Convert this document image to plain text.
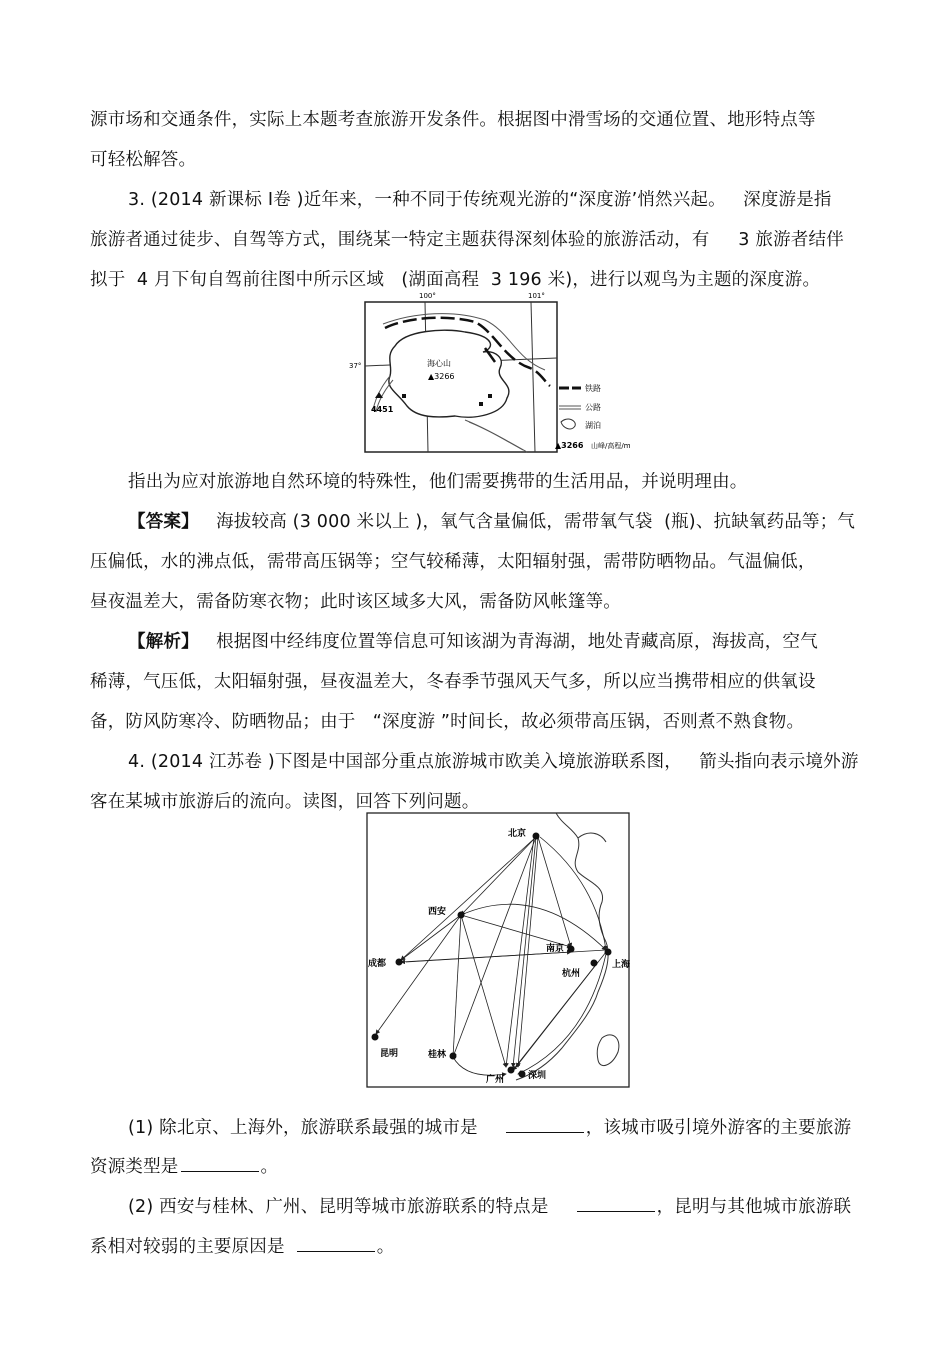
源市场和交通条件，实际上本题考查旅游开发条件。根据图中滑雪场的交通位置、地形特点等
可轻松解答。
3. (2014 新课标 Ⅰ卷 )近年来，一种不同于传统观光游的“深度游’悄然兴起。   深度游是指
旅游者通过徒步、自驾等方式，围绕某一特定主题获得深刻体验的旅游活动，有     3 旅游者结伴
拟于  4 月下旬自驾前往图中所示区域   (湖面高程  3 196 米)，进行以观鸟为主题的深度游。
100°	101°
37°	海心山
▲3266
4451
铁路
公路
湖泊
▲3266 山峰/高程/m
指出为应对旅游地自然环境的特殊性，他们需要携带的生活用品，并说明理由。
【答案】   海拔较高 (3 000 米以上 )，氧气含量偏低，需带氧气袋  (瓶)、抗缺氧药品等；气
压偏低，水的沸点低，需带高压锅等；空气较稀薄，太阳辐射强，需带防晒物品。气温偏低，
昼夜温差大，需备防寒衣物；此时该区域多大风，需备防风帐篷等。
【解析】   根据图中经纬度位置等信息可知该湖为青海湖，地处青藏高原，海拔高，空气
稀薄，气压低，太阳辐射强，昼夜温差大，冬春季节强风天气多，所以应当携带相应的供氧设
备，防风防寒冷、防晒物品；由于   “深度游 ”时间长，故必须带高压锅，否则煮不熟食物。
4. (2014 江苏卷 )下图是中国部分重点旅游城市欧美入境旅游联系图，   箭头指向表示境外游
客在某城市旅游后的流向。读图，回答下列问题。
北京
西安
南京
上海
杭州
成都
昆明	桂林
广州	深圳
(1) 除北京、上海外，旅游联系最强的城市是	，该城市吸引境外游客的主要旅游
资源类型是	。
(2) 西安与桂林、广州、昆明等城市旅游联系的特点是	，昆明与其他城市旅游联
系相对较弱的主要原因是	。
